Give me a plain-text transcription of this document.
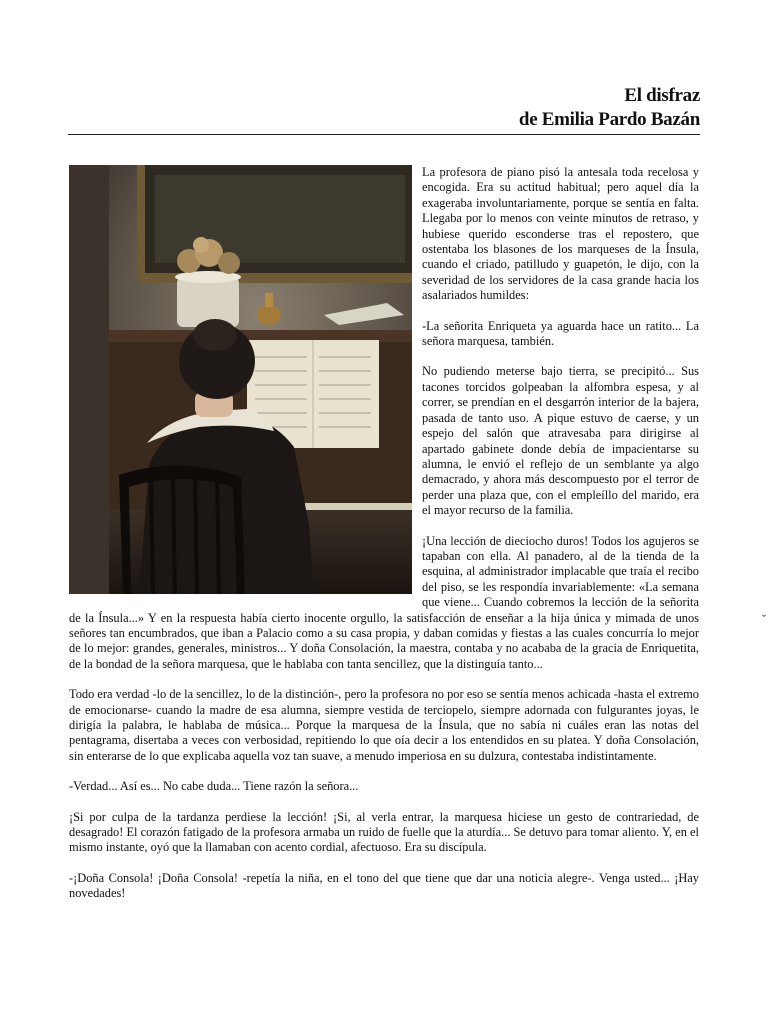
El disfraz
de Emilia Pardo Bazán

La profesora de piano pisó la antesala toda recelosa y encogida. Era su actitud habitual; pero aquel día la exageraba involuntariamente, porque se sentía en falta. Llegaba por lo menos con veinte minutos de retraso, y hubiese querido esconderse tras el repostero, que ostentaba los blasones de los marqueses de la Ínsula, cuando el criado, patilludo y guapetón, le dijo, con la severidad de los servidores de la casa grande hacia los asalariados humildes:

-La señorita Enriqueta ya aguarda hace un ratito... La señora marquesa, también.

No pudiendo meterse bajo tierra, se precipitó... Sus tacones torcidos golpeaban la alfombra espesa, y al correr, se prendían en el desgarrón interior de la bajera, pasada de tanto uso. A pique estuvo de caerse, y un espejo del salón que atravesaba para dirigirse al apartado gabinete donde debía de impacientarse su alumna, le envió el reflejo de un semblante ya algo demacrado, y ahora más descompuesto por el terror de perder una plaza que, con el empleíllo del marido, era el mayor recurso de la familia.

¡Una lección de dieciocho duros! Todos los agujeros se tapaban con ella. Al panadero, al de la tienda de la esquina, al administrador implacable que traía el recibo del piso, se les respondía invariablemente: «La semana que viene... Cuando cobremos la lección de la señorita de la Ínsula...» Y en la respuesta había cierto inocente orgullo, la satisfacción de enseñar a la hija única y mimada de unos señores tan encumbrados, que iban a Palacio como a su casa propia, y daban comidas y fiestas a las cuales concurría lo mejor de lo mejor: grandes, generales, ministros... Y doña Consolación, la maestra, contaba y no acababa de la gracia de Enriquetita, de la bondad de la señora marquesa, que le hablaba con tanta sencillez, que la distinguía tanto...

Todo era verdad -lo de la sencillez, lo de la distinción-, pero la profesora no por eso se sentía menos achicada -hasta el extremo de emocionarse- cuando la madre de esa alumna, siempre vestida de terciopelo, siempre adornada con fulgurantes joyas, le dirigía la palabra, le hablaba de música... Porque la marquesa de la Ínsula, que no sabía ni cuáles eran las notas del pentagrama, disertaba a veces con verbosidad, repitiendo lo que oía decir a los entendidos en su platea. Y doña Consolación, sin enterarse de lo que explicaba aquella voz tan suave, a menudo imperiosa en su dulzura, contestaba indistintamente.

-Verdad... Así es... No cabe duda... Tiene razón la señora...

¡Si por culpa de la tardanza perdiese la lección! ¡Si, al verla entrar, la marquesa hiciese un gesto de contrariedad, de desagrado! El corazón fatigado de la profesora armaba un ruido de fuelle que la aturdía... Se detuvo para tomar aliento. Y, en el mismo instante, oyó que la llamaban con acento cordial, afectuoso. Era su discípula.

-¡Doña Consola! ¡Doña Consola! -repetía la niña, en el tono del que tiene que dar una noticia alegre-. Venga usted... ¡Hay novedades!

ˇ
